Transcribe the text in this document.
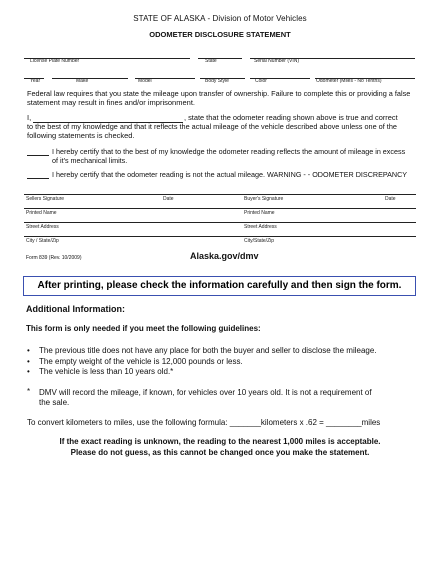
STATE OF ALASKA - Division of Motor Vehicles
ODOMETER DISCLOSURE STATEMENT
License Plate Number	State	Serial Number (VIN)
Year	Make	Model	Body Style	Color	Odometer (Miles - No Tenths)
Federal law requires that you state the mileage upon transfer of ownership. Failure to complete this or providing a false
statement may result in fines and/or imprisonment.
I,	, state that the odometer reading shown above is true and correct
to the best of my knowledge and that it reflects the actual mileage of the vehicle described above unless one of the
following statements is checked.
I hereby certify that to the best of my knowledge the odometer reading reflects the amount of mileage in excess
of it's mechanical limits.
I hereby certify that the odometer reading is not the actual mileage. WARNING - - ODOMETER DISCREPANCY
Sellers Signature	Date	Buyer's Signature	Date
Printed Name	Printed Name
Street Address	Street Address
City / State/Zip	City/State/Zip
Form 839 (Rev. 10/2009)	Alaska.gov/dmv
After printing, please check the information carefully and then sign the form.
Additional Information:
This form is only needed if you meet the following guidelines:
• The previous title does not have any place for both the buyer and seller to disclose the mileage.
• The empty weight of the vehicle is 12,000 pounds or less.
• The vehicle is less than 10 years old.*
* DMV will record the mileage, if known, for vehicles over 10 years old. It is not a requirement of
the sale.
To convert kilometers to miles, use the following formula: _______kilometers x .62 = ________miles
If the exact reading is unknown, the reading to the nearest 1,000 miles is acceptable.
Please do not guess, as this cannot be changed once you make the statement.
